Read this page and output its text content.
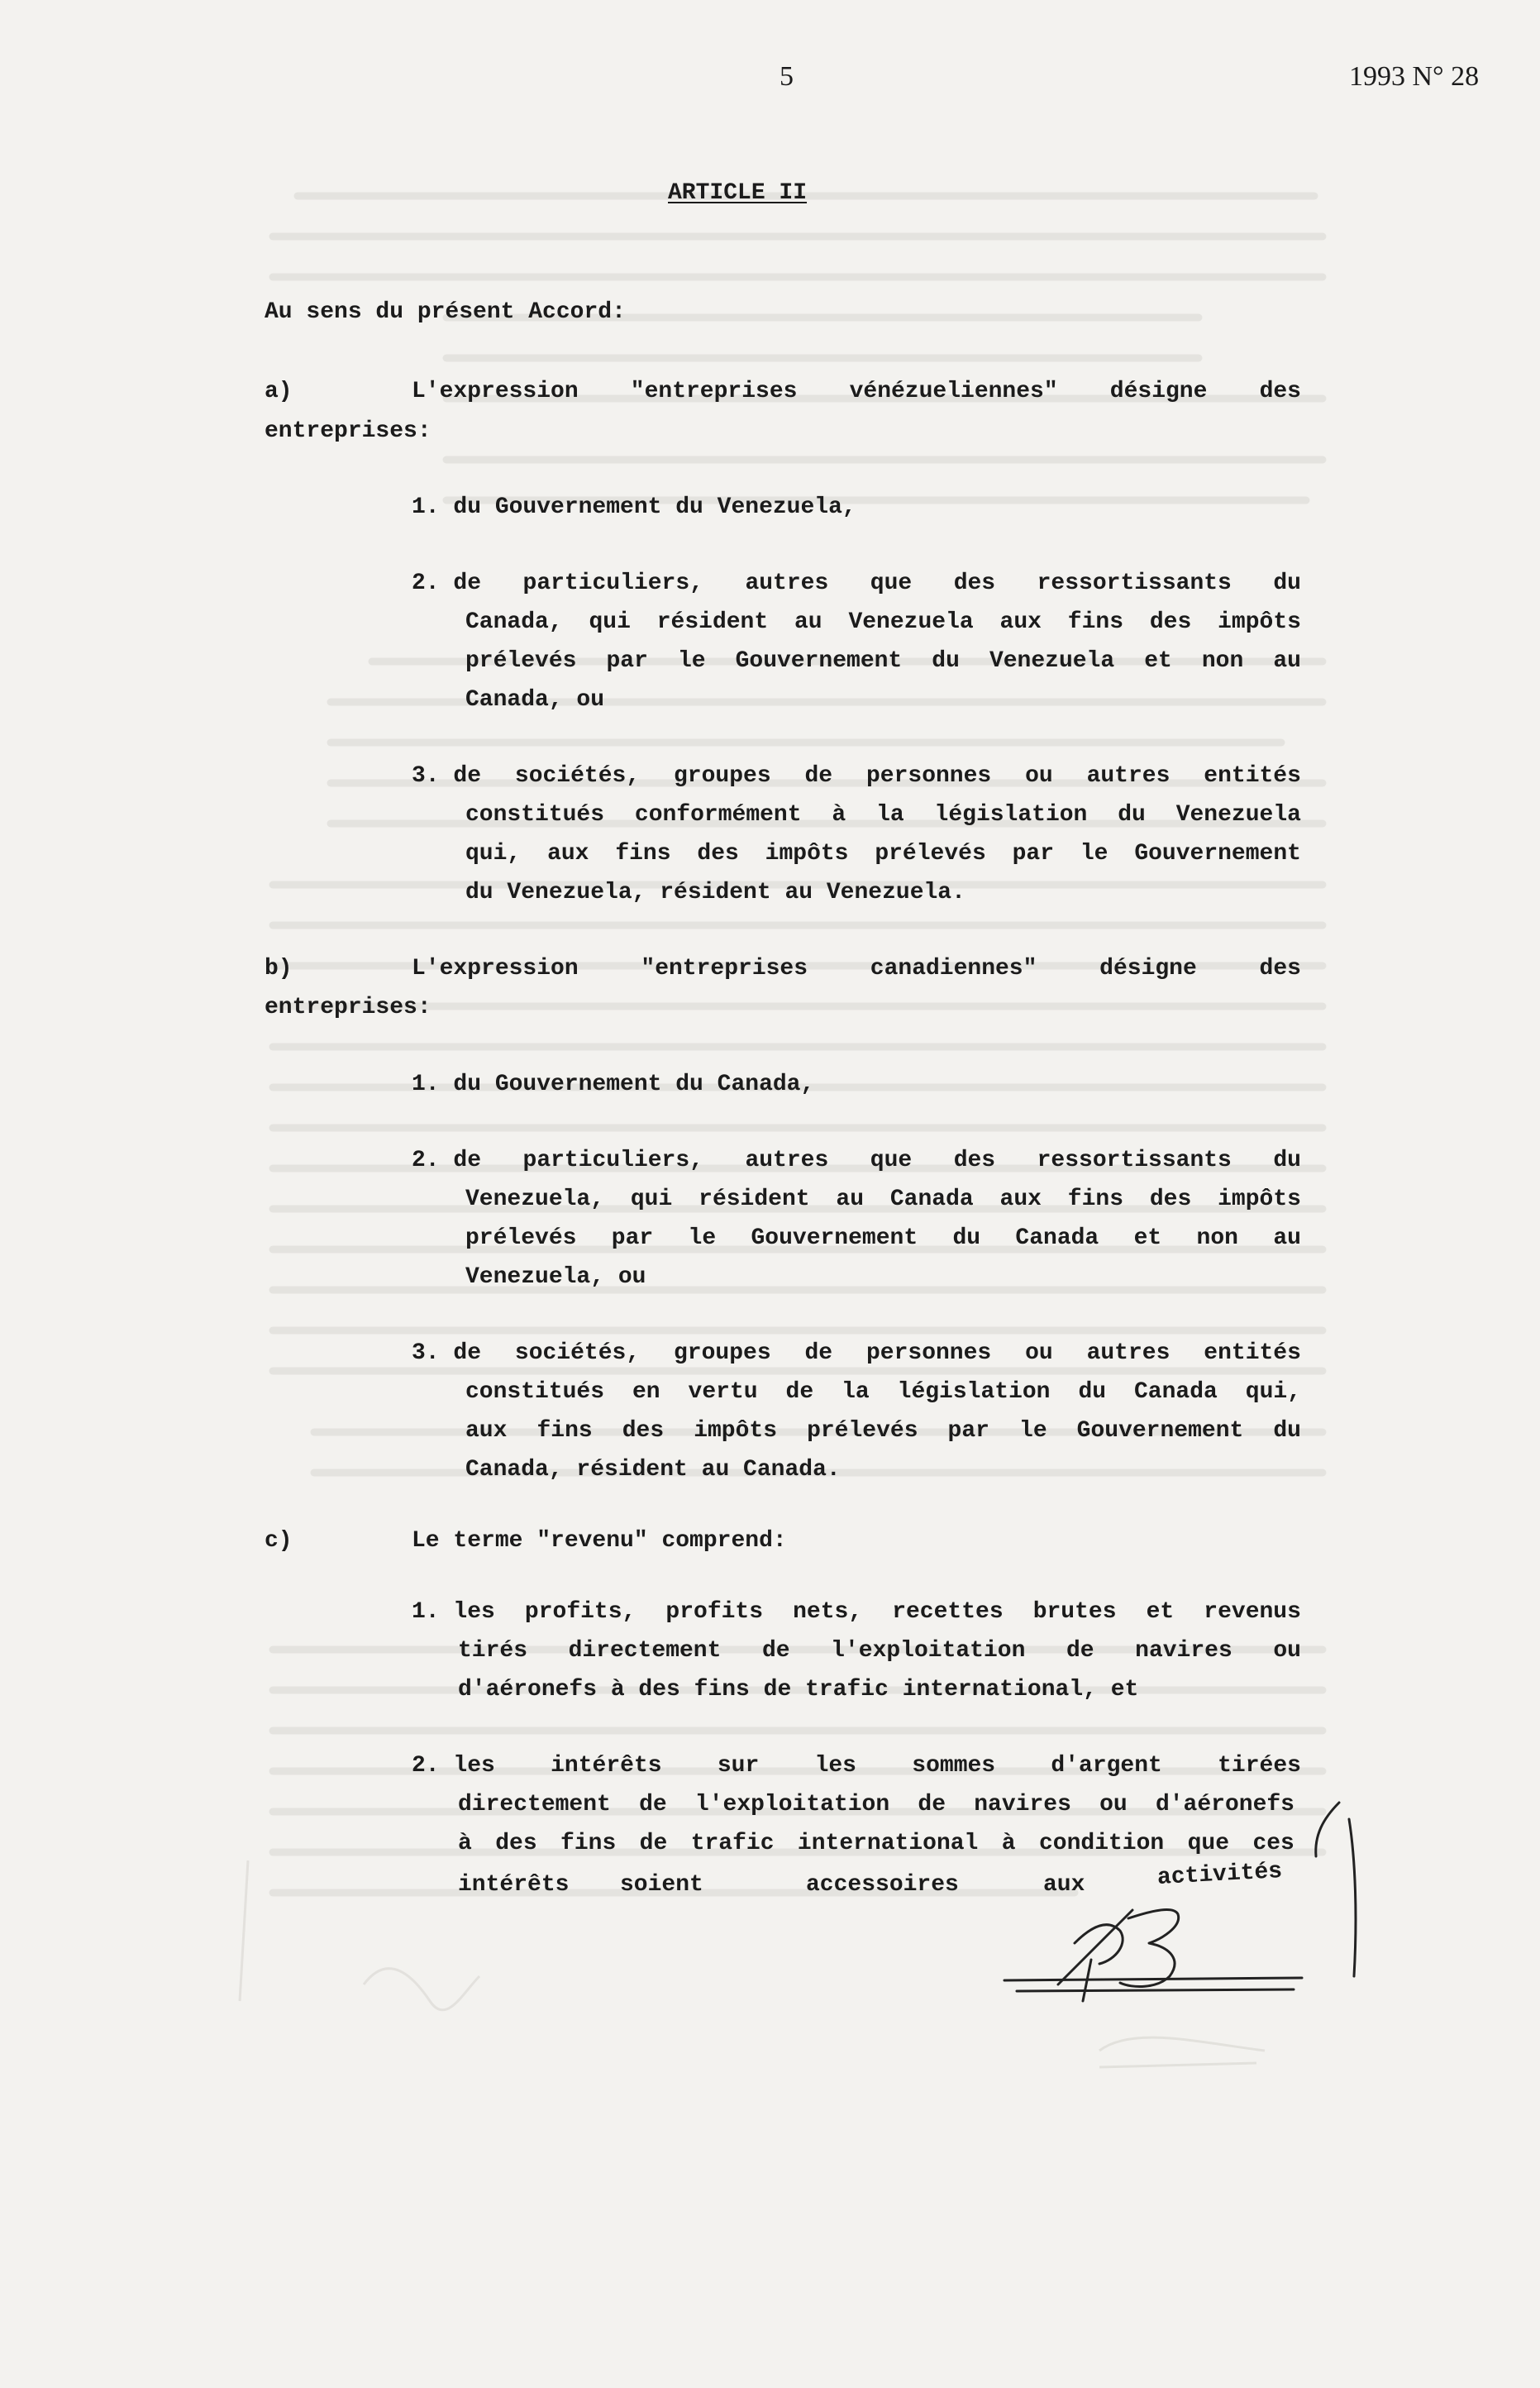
5	1993 N° 28
ARTICLE II
Au sens du présent Accord:
a)	L'expression "entreprises vénézueliennes" désigne des
entreprises:
1. du Gouvernement du Venezuela,
2. de particuliers, autres que des ressortissants du
Canada, qui résident au Venezuela aux fins des impôts
prélevés par le Gouvernement du Venezuela et non au
Canada, ou
3. de sociétés, groupes de personnes ou autres entités
constitués conformément à la législation du Venezuela
qui, aux fins des impôts prélevés par le Gouvernement
du Venezuela, résident au Venezuela.
b)	L'expression	"entreprises	canadiennes"	désigne	des
entreprises:
1. du Gouvernement du Canada,
2. de particuliers, autres que des ressortissants du
Venezuela, qui résident au Canada aux fins des impôts
prélevés par le Gouvernement du Canada et non au
Venezuela, ou
3. de sociétés, groupes de personnes ou autres entités
constitués en vertu de la législation du Canada qui,
aux fins des impôts prélevés par le Gouvernement du
Canada, résident au Canada.
c)	Le terme "revenu" comprend:
1. les profits, profits nets, recettes brutes et revenus
tirés directement de l'exploitation de navires ou
d'aéronefs à des fins de trafic international, et
2. les intérêts sur les sommes d'argent tirées
directement de l'exploitation de navires ou d'aéronefs
à des fins de trafic international à condition que ces
intérêts soient	accessoires	aux	activités
